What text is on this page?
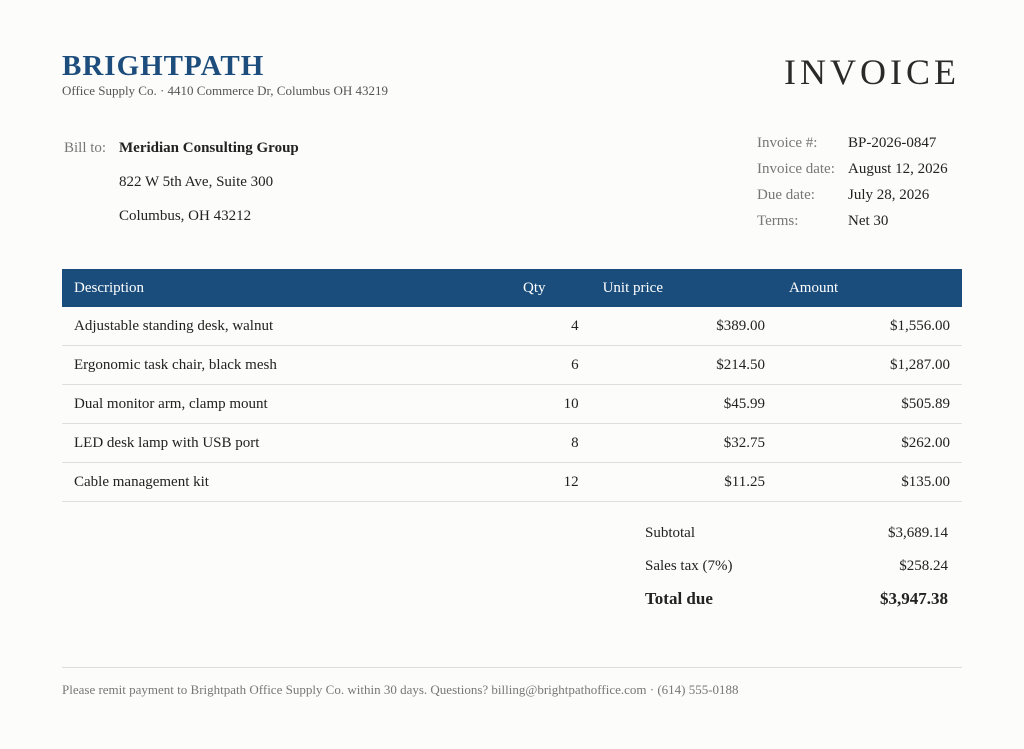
BRIGHTPATH
Office Supply Co. · 4410 Commerce Dr, Columbus OH 43219	INVOICE
Bill to: Meridian Consulting Group
822 W 5th Ave, Suite 300
Columbus, OH 43212
Invoice #: BP-2026-0847
Invoice date: August 12, 2026
Due date: July 28, 2026
Terms:	Net 30
Description	Qty	Unit price	Amount
Adjustable standing desk, walnut	4	$389.00	$1,556.00
Ergonomic task chair, black mesh	6	$214.50	$1,287.00
Dual monitor arm, clamp mount	10	$45.99	$505.89
LED desk lamp with USB port	8	$32.75	$262.00
Cable management kit	12	$11.25	$135.00
Subtotal	$3,689.14
Sales tax (7%)	$258.24
Total due	$3,947.38
Please remit payment to Brightpath Office Supply Co. within 30 days. Questions? billing@brightpathoffice.com · (614) 555-0188
